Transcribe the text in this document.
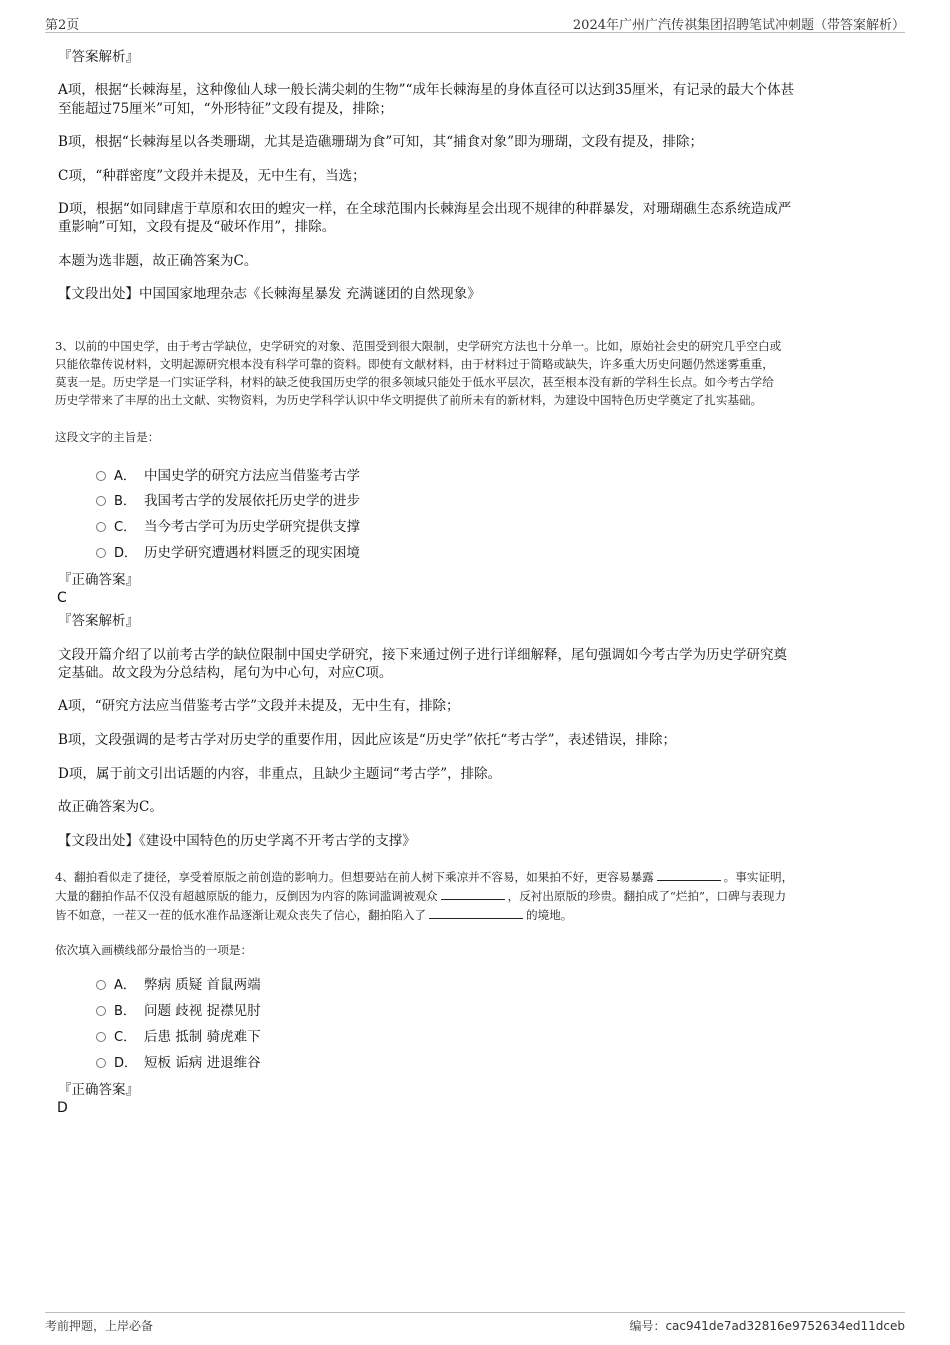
第2页	2024年广州广汽传祺集团招聘笔试冲刺题（带答案解析）
『答案解析』
A项，根据“长棘海星，这种像仙人球一般长满尖刺的生物”“成年长棘海星的身体直径可以达到35厘米，有记录的最大个体甚
至能超过75厘米”可知，“外形特征”文段有提及，排除；
B项，根据“长棘海星以各类珊瑚，尤其是造礁珊瑚为食”可知，其“捕食对象”即为珊瑚，文段有提及，排除；
C项，“种群密度”文段并未提及，无中生有，当选；
D项，根据“如同肆虐于草原和农田的蝗灾一样，在全球范围内长棘海星会出现不规律的种群暴发，对珊瑚礁生态系统造成严
重影响”可知，文段有提及“破坏作用”，排除。
本题为选非题，故正确答案为C。
【文段出处】中国国家地理杂志《长棘海星暴发 充满谜团的自然现象》
3、以前的中国史学，由于考古学缺位，史学研究的对象、范围受到很大限制，史学研究方法也十分单一。比如，原始社会史的研究几乎空白或
只能依靠传说材料，文明起源研究根本没有科学可靠的资料。即使有文献材料，由于材料过于简略或缺失，许多重大历史问题仍然迷雾重重，
莫衷一是。历史学是一门实证学科，材料的缺乏使我国历史学的很多领域只能处于低水平层次，甚至根本没有新的学科生长点。如今考古学给
历史学带来了丰厚的出土文献、实物资料，为历史学科学认识中华文明提供了前所未有的新材料，为建设中国特色历史学奠定了扎实基础。
这段文字的主旨是：
A． 中国史学的研究方法应当借鉴考古学
B． 我国考古学的发展依托历史学的进步
C． 当今考古学可为历史学研究提供支撑
D． 历史学研究遭遇材料匮乏的现实困境
『正确答案』
C
『答案解析』
文段开篇介绍了以前考古学的缺位限制中国史学研究，接下来通过例子进行详细解释，尾句强调如今考古学为历史学研究奠
定基础。故文段为分总结构，尾句为中心句，对应C项。
A项，“研究方法应当借鉴考古学”文段并未提及，无中生有，排除；
B项，文段强调的是考古学对历史学的重要作用，因此应该是“历史学”依托“考古学”，表述错误，排除；
D项，属于前文引出话题的内容，非重点，且缺少主题词“考古学”，排除。
故正确答案为C。
【文段出处】《建设中国特色的历史学离不开考古学的支撑》
4、翻拍看似走了捷径，享受着原版之前创造的影响力。但想要站在前人树下乘凉并不容易，如果拍不好，更容易暴露	。事实证明，
大量的翻拍作品不仅没有超越原版的能力，反倒因为内容的陈词滥调被观众	，反衬出原版的珍贵。翻拍成了“烂拍”，口碑与表现力
皆不如意，一茬又一茬的低水准作品逐渐让观众丧失了信心，翻拍陷入了	的境地。
依次填入画横线部分最恰当的一项是：
A． 弊病 质疑 首鼠两端
B． 问题 歧视 捉襟见肘
C． 后患 抵制 骑虎难下
D． 短板 诟病 进退维谷
『正确答案』
D
考前押题，上岸必备	编号：cac941de7ad32816e9752634ed11dceb
